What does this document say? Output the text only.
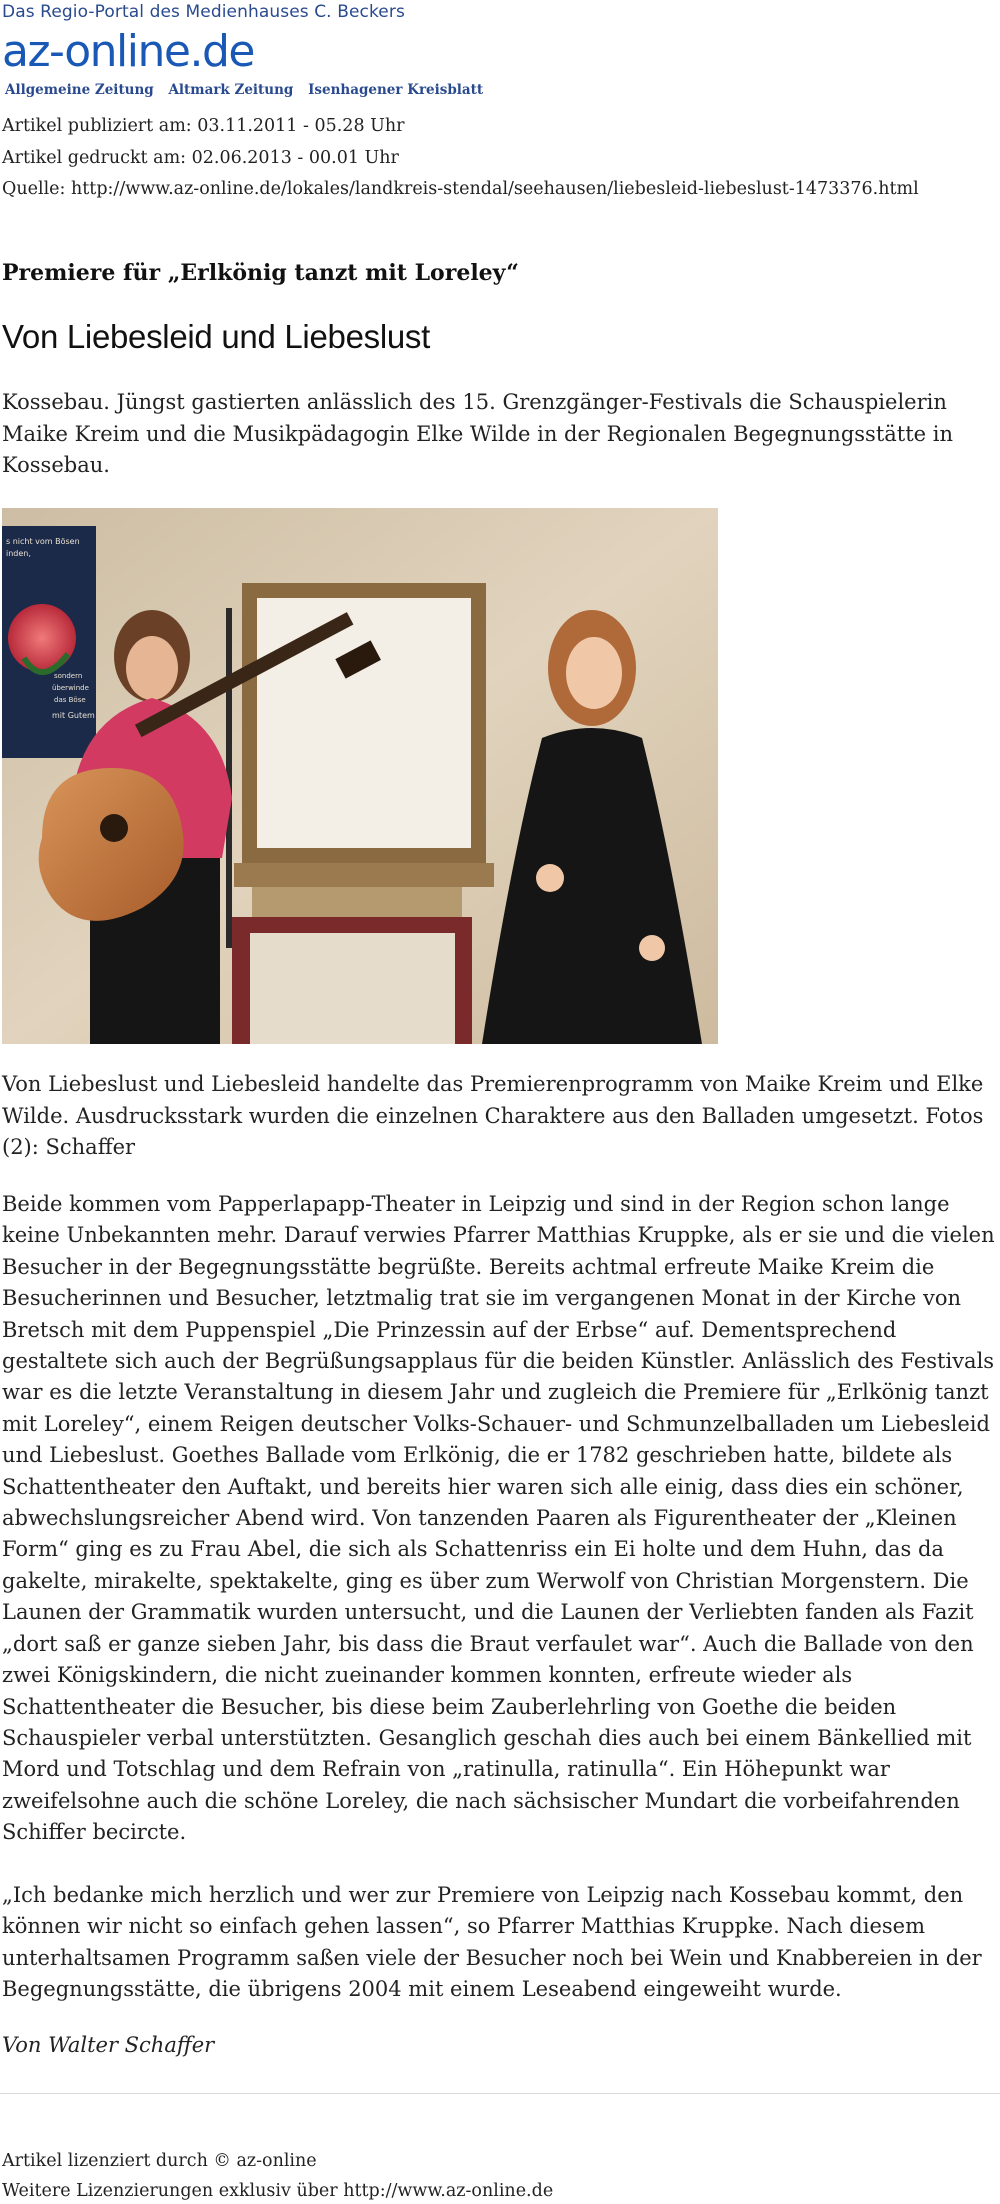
Das Regio-Portal des Medienhauses C. Beckers
az-online.de
Allgemeine Zeitung Altmark Zeitung Isenhagener Kreisblatt
Artikel publiziert am: 03.11.2011 - 05.28 Uhr
Artikel gedruckt am: 02.06.2013 - 00.01 Uhr
Quelle: http://www.az-online.de/lokales/landkreis-stendal/seehausen/liebesleid-liebeslust-1473376.html
Premiere für „Erlkönig tanzt mit Loreley“
Von Liebesleid und Liebeslust
Kossebau. Jüngst gastierten anlässlich des 15. Grenzgänger-Festivals die Schauspielerin Maike Kreim und die Musikpädagogin Elke Wilde in der Regionalen Begegnungsstätte in Kossebau.
s nicht vom Bösen
inden,
sondern
überwinde
das Böse
mit Gutem
Von Liebeslust und Liebesleid handelte das Premierenprogramm von Maike Kreim und Elke Wilde. Ausdrucksstark wurden die einzelnen Charaktere aus den Balladen umgesetzt. Fotos (2): Schaffer
Beide kommen vom Papperlapapp-Theater in Leipzig und sind in der Region schon lange keine Unbekannten mehr. Darauf verwies Pfarrer Matthias Kruppke, als er sie und die vielen Besucher in der Begegnungsstätte begrüßte. Bereits achtmal erfreute Maike Kreim die Besucherinnen und Besucher, letztmalig trat sie im vergangenen Monat in der Kirche von Bretsch mit dem Puppenspiel „Die Prinzessin auf der Erbse“ auf. Dementsprechend gestaltete sich auch der Begrüßungsapplaus für die beiden Künstler. Anlässlich des Festivals war es die letzte Veranstaltung in diesem Jahr und zugleich die Premiere für „Erlkönig tanzt mit Loreley“, einem Reigen deutscher Volks-Schauer- und Schmunzelballaden um Liebesleid und Liebeslust. Goethes Ballade vom Erlkönig, die er 1782 geschrieben hatte, bildete als Schattentheater den Auftakt, und bereits hier waren sich alle einig, dass dies ein schöner, abwechslungsreicher Abend wird. Von tanzenden Paaren als Figurentheater der „Kleinen Form“ ging es zu Frau Abel, die sich als Schattenriss ein Ei holte und dem Huhn, das da gakelte, mirakelte, spektakelte, ging es über zum Werwolf von Christian Morgenstern. Die Launen der Grammatik wurden untersucht, und die Launen der Verliebten fanden als Fazit „dort saß er ganze sieben Jahr, bis dass die Braut verfaulet war“. Auch die Ballade von den zwei Königskindern, die nicht zueinander kommen konnten, erfreute wieder als Schattentheater die Besucher, bis diese beim Zauberlehrling von Goethe die beiden Schauspieler verbal unterstützten. Gesanglich geschah dies auch bei einem Bänkellied mit Mord und Totschlag und dem Refrain von „ratinulla, ratinulla“. Ein Höhepunkt war zweifelsohne auch die schöne Loreley, die nach sächsischer Mundart die vorbeifahrenden Schiffer becircte.
„Ich bedanke mich herzlich und wer zur Premiere von Leipzig nach Kossebau kommt, den können wir nicht so einfach gehen lassen“, so Pfarrer Matthias Kruppke. Nach diesem unterhaltsamen Programm saßen viele der Besucher noch bei Wein und Knabbereien in der Begegnungsstätte, die übrigens 2004 mit einem Leseabend eingeweiht wurde.
Von Walter Schaffer
Artikel lizenziert durch © az-online
Weitere Lizenzierungen exklusiv über http://www.az-online.de
